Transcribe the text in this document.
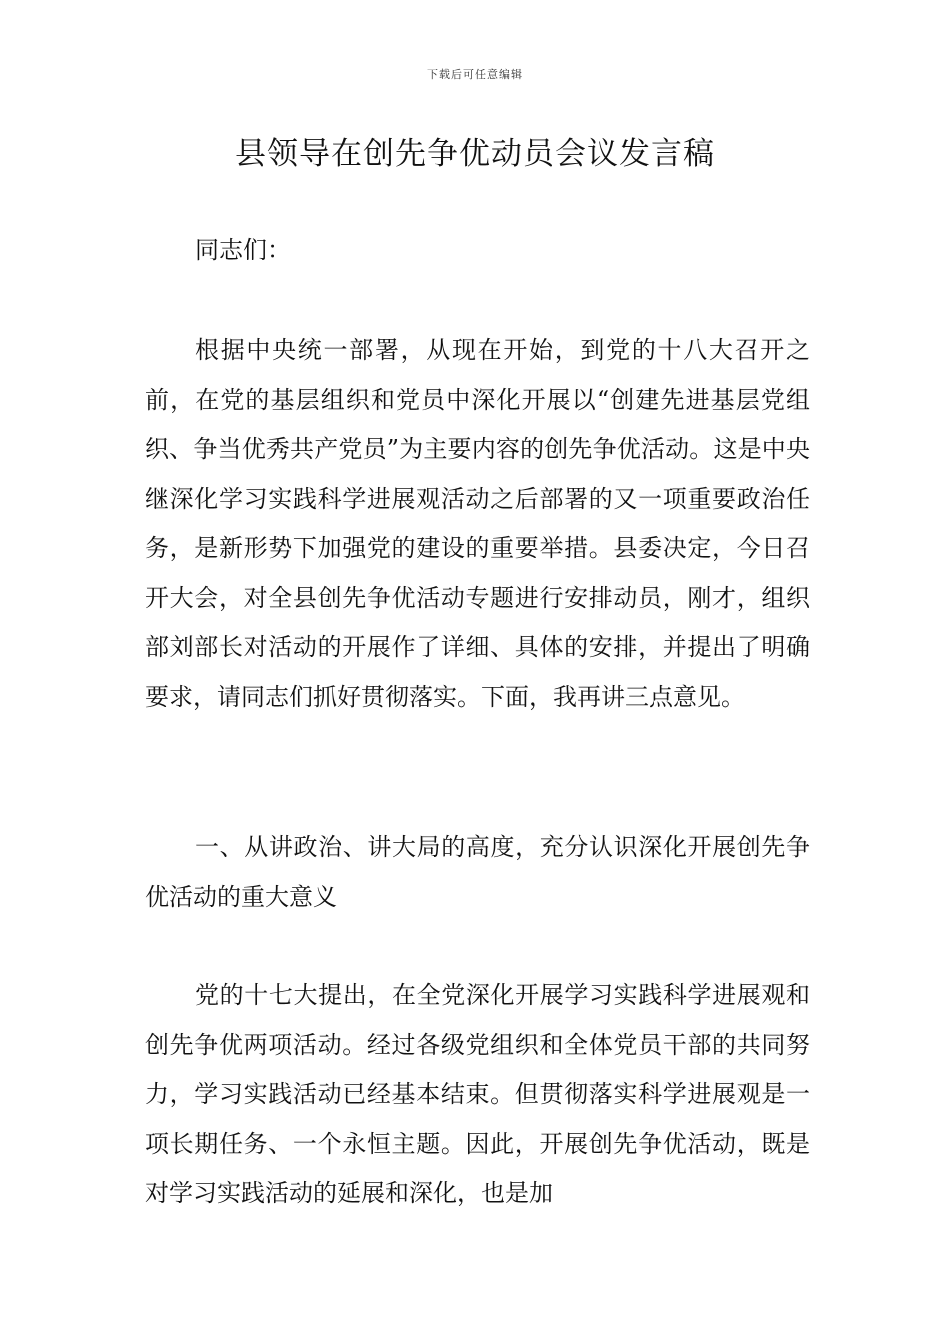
下载后可任意编辑
县领导在创先争优动员会议发言稿

同志们：

根据中央统一部署，从现在开始，到党的十八大召开之前，在党的基层组织和党员中深化开展以“创建先进基层党组织、争当优秀共产党员”为主要内容的创先争优活动。这是中央继深化学习实践科学进展观活动之后部署的又一项重要政治任务，是新形势下加强党的建设的重要举措。县委决定，今日召开大会，对全县创先争优活动专题进行安排动员，刚才，组织部刘部长对活动的开展作了详细、具体的安排，并提出了明确要求，请同志们抓好贯彻落实。下面，我再讲三点意见。

一、从讲政治、讲大局的高度，充分认识深化开展创先争优活动的重大意义

党的十七大提出，在全党深化开展学习实践科学进展观和创先争优两项活动。经过各级党组织和全体党员干部的共同努力，学习实践活动已经基本结束。但贯彻落实科学进展观是一项长期任务、一个永恒主题。因此，开展创先争优活动，既是对学习实践活动的延展和深化，也是加
